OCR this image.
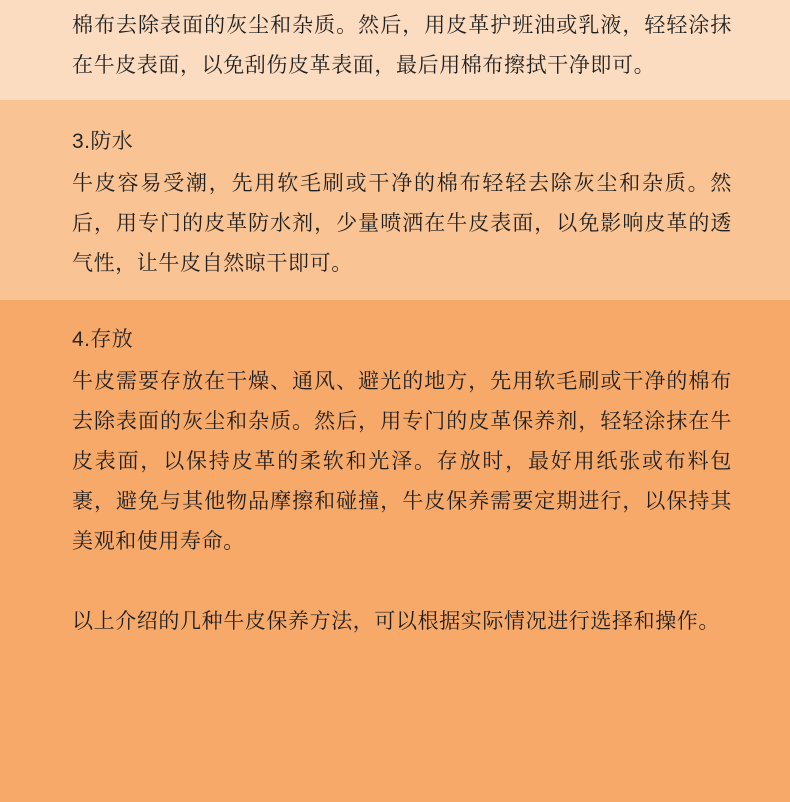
棉布去除表面的灰尘和杂质。然后，用皮革护班油或乳液，轻轻涂抹在牛皮表面，以免刮伤皮革表面，最后用棉布擦拭干净即可。

3.防水

牛皮容易受潮，先用软毛刷或干净的棉布轻轻去除灰尘和杂质。然后，用专门的皮革防水剂，少量喷洒在牛皮表面，以免影响皮革的透气性，让牛皮自然晾干即可。

4.存放

牛皮需要存放在干燥、通风、避光的地方，先用软毛刷或干净的棉布去除表面的灰尘和杂质。然后，用专门的皮革保养剂，轻轻涂抹在牛皮表面，以保持皮革的柔软和光泽。存放时，最好用纸张或布料包裹，避免与其他物品摩擦和碰撞，牛皮保养需要定期进行，以保持其美观和使用寿命。

以上介绍的几种牛皮保养方法，可以根据实际情况进行选择和操作。
